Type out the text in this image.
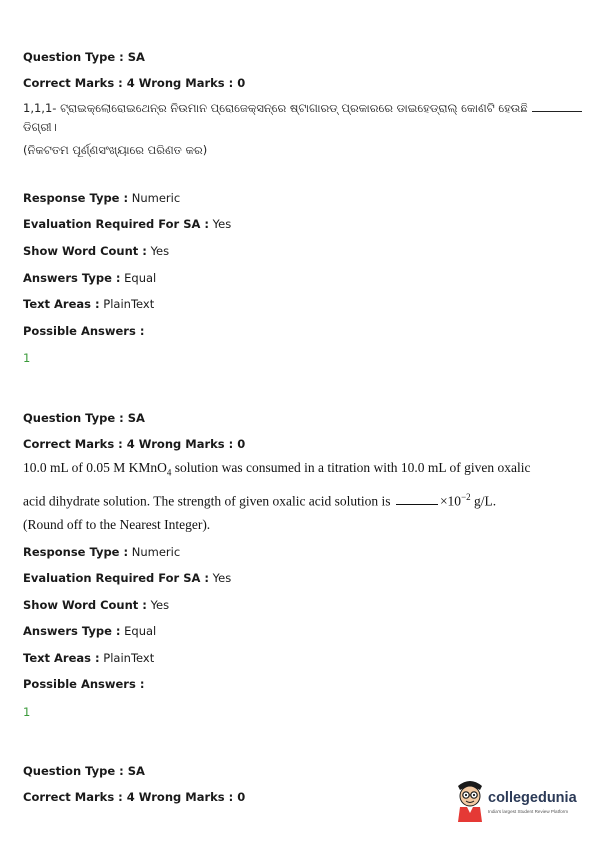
Question Type : SA

Correct Marks : 4 Wrong Marks : 0

1,1,1- ଟ୍ରାଇକ୍ଲୋରୋଇଥେନ୍‌ର ନିଉମାନ ପ୍ରୋଜେକ୍ସନ୍‌ରେ ଷ୍ଟାଗାରଡ୍ ପ୍ରକାରରେ ଡାଇହେଡ୍ରାଲ୍ କୋଣଟି ହେଉଛି
ଡିଗ୍ରୀ।
(ନିକଟତମ ପୂର୍ଣ୍ଣସଂଖ୍ୟାରେ ପରିଣତ କର)

Response Type : Numeric

Evaluation Required For SA : Yes

Show Word Count : Yes

Answers Type : Equal

Text Areas : PlainText

Possible Answers :

1

Question Type : SA

Correct Marks : 4 Wrong Marks : 0

10.0 mL of 0.05 M KMnO$_4$ solution was consumed in a titration with 10.0 mL of given oxalic
acid dihydrate solution. The strength of given oxalic acid solution is	$\times 10^{-2}$ g/L.
(Round off to the Nearest Integer).

Response Type : Numeric

Evaluation Required For SA : Yes

Show Word Count : Yes

Answers Type : Equal

Text Areas : PlainText

Possible Answers :

1

Question Type : SA

Correct Marks : 4 Wrong Marks : 0	collegedunia
India's largest Student Review Platform
